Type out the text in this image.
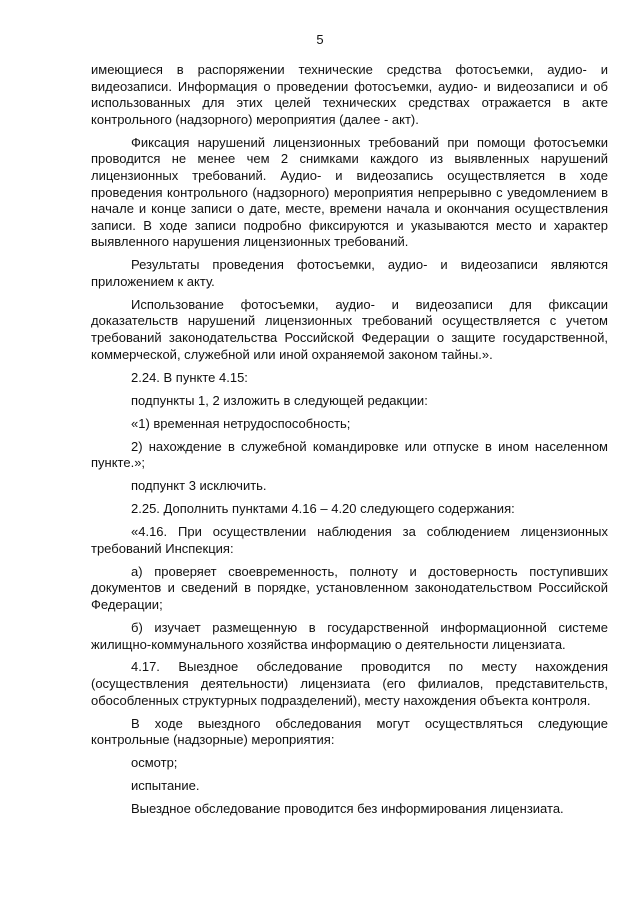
5

имеющиеся в распоряжении технические средства фотосъемки, аудио- и видеозаписи. Информация о проведении фотосъемки, аудио- и видеозаписи и об использованных для этих целей технических средствах отражается в акте контрольного (надзорного) мероприятия (далее - акт).

Фиксация нарушений лицензионных требований при помощи фотосъемки проводится не менее чем 2 снимками каждого из выявленных нарушений лицензионных требований. Аудио- и видеозапись осуществляется в ходе проведения контрольного (надзорного) мероприятия непрерывно с уведомлением в начале и конце записи о дате, месте, времени начала и окончания осуществления записи. В ходе записи подробно фиксируются и указываются место и характер выявленного нарушения лицензионных требований.

Результаты проведения фотосъемки, аудио- и видеозаписи являются приложением к акту.

Использование фотосъемки, аудио- и видеозаписи для фиксации доказательств нарушений лицензионных требований осуществляется с учетом требований законодательства Российской Федерации о защите государственной, коммерческой, служебной или иной охраняемой законом тайны.».

2.24. В пункте 4.15:

подпункты 1, 2 изложить в следующей редакции:

«1) временная нетрудоспособность;

2) нахождение в служебной командировке или отпуске в ином населенном пункте.»;

подпункт 3 исключить.

2.25. Дополнить пунктами 4.16 – 4.20 следующего содержания:

«4.16. При осуществлении наблюдения за соблюдением лицензионных требований Инспекция:

а) проверяет своевременность, полноту и достоверность поступивших документов и сведений в порядке, установленном законодательством Российской Федерации;

б) изучает размещенную в государственной информационной системе жилищно-коммунального хозяйства информацию о деятельности лицензиата.

4.17. Выездное обследование проводится по месту нахождения (осуществления деятельности) лицензиата (его филиалов, представительств, обособленных структурных подразделений), месту нахождения объекта контроля.

В ходе выездного обследования могут осуществляться следующие контрольные (надзорные) мероприятия:

осмотр;

испытание.

Выездное обследование проводится без информирования лицензиата.
